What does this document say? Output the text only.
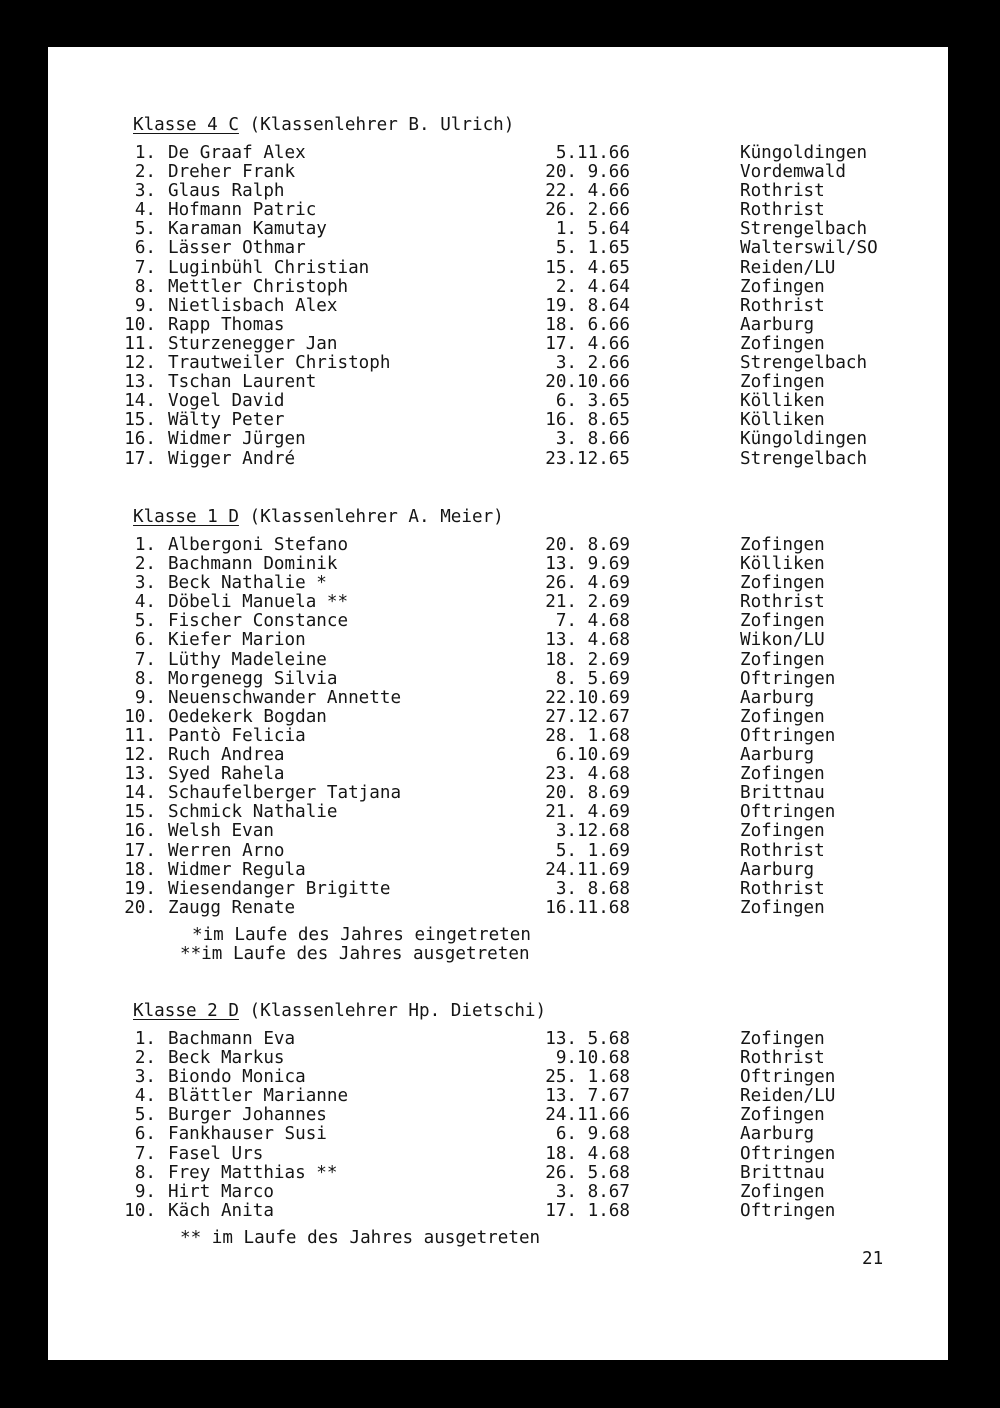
Klasse 4 C (Klassenlehrer B. Ulrich)
1. De Graaf Alex	5.11.66	Küngoldingen
2. Dreher Frank	20. 9.66	Vordemwald
3. Glaus Ralph	22. 4.66	Rothrist
4. Hofmann Patric	26. 2.66	Rothrist
5. Karaman Kamutay	1. 5.64	Strengelbach
6. Lässer Othmar	5. 1.65	Walterswil/SO
7. Luginbühl Christian	15. 4.65	Reiden/LU
8. Mettler Christoph	2. 4.64	Zofingen
9. Nietlisbach Alex	19. 8.64	Rothrist
10. Rapp Thomas	18. 6.66	Aarburg
11. Sturzenegger Jan	17. 4.66	Zofingen
12. Trautweiler Christoph	3. 2.66	Strengelbach
13. Tschan Laurent	20.10.66	Zofingen
14. Vogel David	6. 3.65	Kölliken
15. Wälty Peter	16. 8.65	Kölliken
16. Widmer Jürgen	3. 8.66	Küngoldingen
17. Wigger André	23.12.65	Strengelbach
Klasse 1 D (Klassenlehrer A. Meier)
1. Albergoni Stefano	20. 8.69	Zofingen
2. Bachmann Dominik	13. 9.69	Kölliken
3. Beck Nathalie *	26. 4.69	Zofingen
4. Döbeli Manuela **	21. 2.69	Rothrist
5. Fischer Constance	7. 4.68	Zofingen
6. Kiefer Marion	13. 4.68	Wikon/LU
7. Lüthy Madeleine	18. 2.69	Zofingen
8. Morgenegg Silvia	8. 5.69	Oftringen
9. Neuenschwander Annette	22.10.69	Aarburg
10. Oedekerk Bogdan	27.12.67	Zofingen
11. Pantò Felicia	28. 1.68	Oftringen
12. Ruch Andrea	6.10.69	Aarburg
13. Syed Rahela	23. 4.68	Zofingen
14. Schaufelberger Tatjana	20. 8.69	Brittnau
15. Schmick Nathalie	21. 4.69	Oftringen
16. Welsh Evan	3.12.68	Zofingen
17. Werren Arno	5. 1.69	Rothrist
18. Widmer Regula	24.11.69	Aarburg
19. Wiesendanger Brigitte	3. 8.68	Rothrist
20. Zaugg Renate	16.11.68	Zofingen
*im Laufe des Jahres eingetreten
**im Laufe des Jahres ausgetreten
Klasse 2 D (Klassenlehrer Hp. Dietschi)
1. Bachmann Eva	13. 5.68	Zofingen
2. Beck Markus	9.10.68	Rothrist
3. Biondo Monica	25. 1.68	Oftringen
4. Blättler Marianne	13. 7.67	Reiden/LU
5. Burger Johannes	24.11.66	Zofingen
6. Fankhauser Susi	6. 9.68	Aarburg
7. Fasel Urs	18. 4.68	Oftringen
8. Frey Matthias **	26. 5.68	Brittnau
9. Hirt Marco	3. 8.67	Zofingen
10. Käch Anita	17. 1.68	Oftringen
** im Laufe des Jahres ausgetreten
21
